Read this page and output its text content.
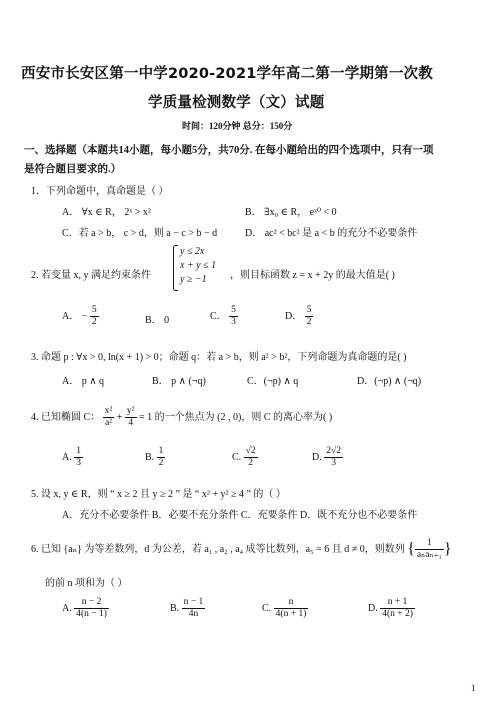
西安市长安区第一中学2020-2021学年高二第一学期第一次教
学质量检测数学（文）试题
时间：120分钟 总分：150分
一、选择题（本题共14小题，每小题5分，共70分. 在每小题给出的四个选项中，只有一项
是符合题目要求的.）
1．下列命题中，真命题是（ ）
A． ∀x ∈ R， 2ˣ > x²	B． ∃x₀ ∈ R， eˣ⁰ < 0
C．若 a > b， c > d，则 a − c > b − d	D． ac² < bc² 是 a < b 的充分不必要条件
2. 若变量 x, y 满足约束条件
y ≤ 2x
x + y ≤ 1
y ≥ −1 ，则目标函数 z = x + 2y 的最大值是( )
A． − $\frac{5}{2}$	B． 0	C． $\frac{5}{3}$	D． $\frac{5}{2}$
3. 命题 p : ∀x > 0, ln(x + 1) > 0；命题 q：若 a > b，则 a² > b²，下列命题为真命题的是( )
A． p ∧ q	B． p ∧ (¬q)	C．(¬p) ∧ q	D．(¬p) ∧ (¬q)
4. 已知椭圆 C： $\frac{\text{x²}}{\text{a²}} + \frac{\text{y²}}{4} = 1$ 的一个焦点为 (2 , 0)，则 C 的离心率为( )
A. $\frac{1}{3}$	B. $\frac{1}{2}$	C. $\frac{√2}{2}$	D. $\frac{2√2}{3}$
5. 设 x, y ∈ R，则 “ x ≥ 2 且 y ≥ 2 ” 是 “ x² + y² ≥ 4 ” 的（ ）
A．充分不必要条件 B．必要不充分条件 C．充要条件 D．既不充分也不必要条件
6. 已知 {aₙ} 为等差数列，d 为公差，若 a₁ , a₂ , a₄ 成等比数列，a₅ = 6 且 d ≠ 0，则数列 { $\frac{1}{\text{aₙaₙ₊₁}}$ }
的前 n 项和为（ ）
A. $\frac{n - 2}{4(n - 1)}$	B. $\frac{n - 1}{4n}$	C. $\frac{n}{4(n + 1)}$	D. $\frac{n + 1}{4(n + 2)}$
1
